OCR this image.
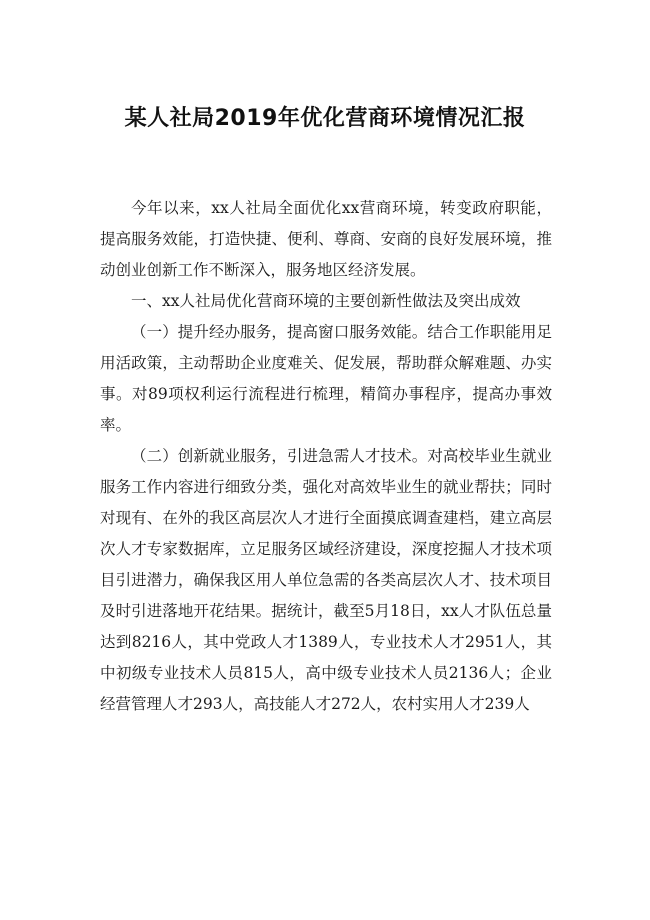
某人社局2019年优化营商环境情况汇报

今年以来，xx人社局全面优化xx营商环境，转变政府职能，提高服务效能，打造快捷、便利、尊商、安商的良好发展环境，推动创业创新工作不断深入，服务地区经济发展。

一、xx人社局优化营商环境的主要创新性做法及突出成效

（一）提升经办服务，提高窗口服务效能。结合工作职能用足用活政策，主动帮助企业度难关、促发展，帮助群众解难题、办实事。对89项权利运行流程进行梳理，精简办事程序，提高办事效率。

（二）创新就业服务，引进急需人才技术。对高校毕业生就业服务工作内容进行细致分类，强化对高效毕业生的就业帮扶；同时对现有、在外的我区高层次人才进行全面摸底调查建档，建立高层次人才专家数据库，立足服务区域经济建设，深度挖掘人才技术项目引进潜力，确保我区用人单位急需的各类高层次人才、技术项目及时引进落地开花结果。据统计，截至5月18日，xx人才队伍总量达到8216人，其中党政人才1389人，专业技术人才2951人，其中初级专业技术人员815人，高中级专业技术人员2136人；企业经营管理人才293人，高技能人才272人，农村实用人才239人
